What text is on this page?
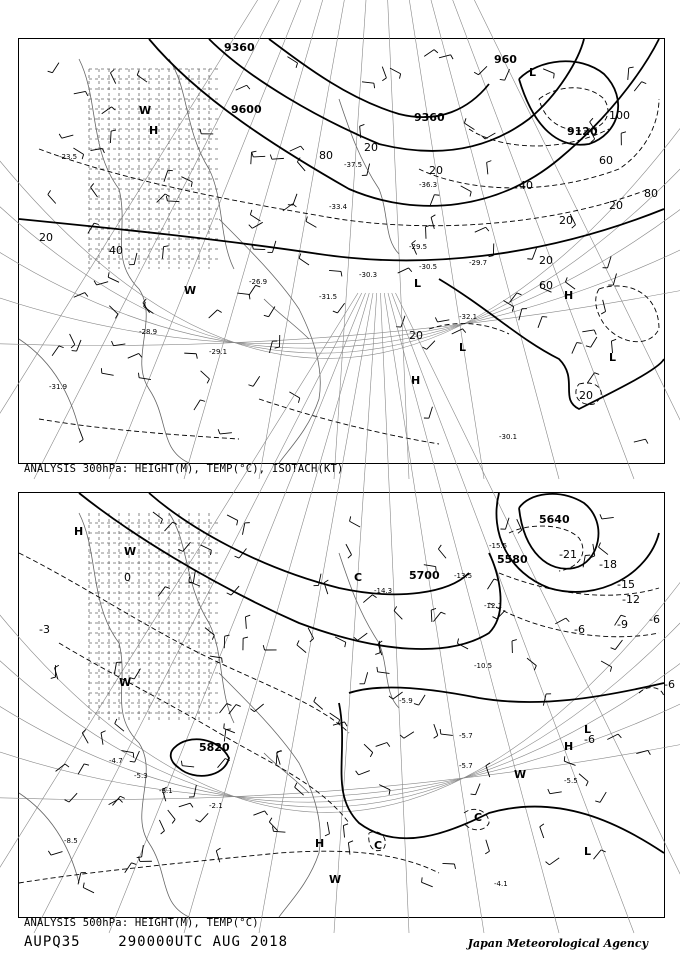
9360
9600
9360
9120
960
20
40
60
80
100
20
20
20
20
20
40
60
80
20
20
H
L
H
H
L
L
W
W
L
-33.4
-37.5
-36.3
-30.5
-29.5
-30.3
-31.5
-32.1
-30.1
-31.9
-28.9
-29.1
-26.9
-23.5
-29.7
ANALYSIS 300hPa: HEIGHT(M), TEMP(°C), ISOTACH(KT)
5700
5580
5820
5640
0
-6	-9
-12
-15
-18
-21
-3
-6
-6
-6
H
W
W
C
L
C
H
W
L
H
W
C
-5.9
-5.7
-4.7
-5.3
-3.1
-2.1
-10.5
-12.1
-15.5
-13.5
-14.3
-5.7
-5.5
-4.1
-8.5
ANALYSIS 500hPa: HEIGHT(M), TEMP(°C)
AUPQ35	290000UTC AUG 2018	Japan Meteorological Agency
